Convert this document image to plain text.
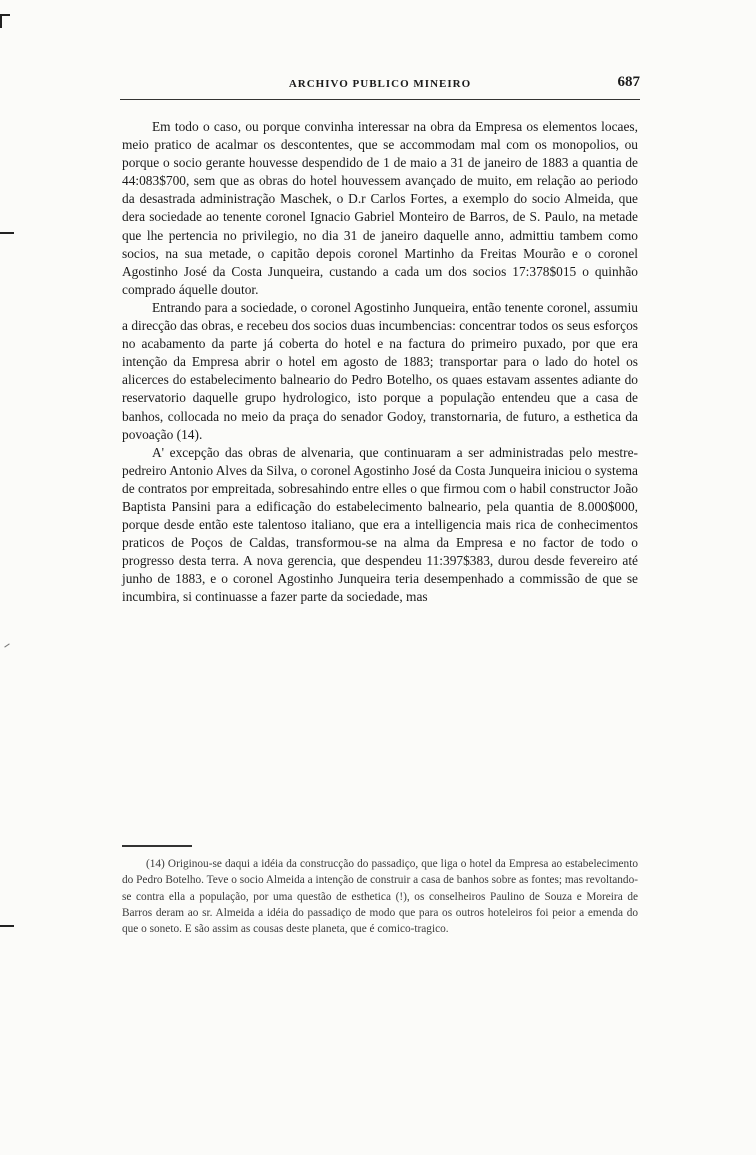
ARCHIVO PUBLICO MINEIRO	687

Em todo o caso, ou porque convinha interessar na obra da Empresa os elementos locaes, meio pratico de acalmar os descontentes, que se accommodam mal com os monopolios, ou porque o socio gerante houvesse despendido de 1 de maio a 31 de janeiro de 1883 a quantia de 44:083$700, sem que as obras do hotel houvessem avançado de muito, em relação ao periodo da desastrada administração Maschek, o D.r Carlos Fortes, a exemplo do socio Almeida, que dera sociedade ao tenente coronel Ignacio Gabriel Monteiro de Barros, de S. Paulo, na metade que lhe pertencia no privilegio, no dia 31 de janeiro daquelle anno, admittiu tambem como socios, na sua metade, o capitão depois coronel Martinho da Freitas Mourão e o coronel Agostinho José da Costa Junqueira, custando a cada um dos socios 17:378$015 o quinhão comprado áquelle doutor.

Entrando para a sociedade, o coronel Agostinho Junqueira, então tenente coronel, assumiu a direcção das obras, e recebeu dos socios duas incumbencias: concentrar todos os seus esforços no acabamento da parte já coberta do hotel e na factura do primeiro puxado, por que era intenção da Empresa abrir o hotel em agosto de 1883; transportar para o lado do hotel os alicerces do estabelecimento balneario do Pedro Botelho, os quaes estavam assentes adiante do reservatorio daquelle grupo hydrologico, isto porque a população entendeu que a casa de banhos, collocada no meio da praça do senador Godoy, transtornaria, de futuro, a esthetica da povoação (14).

A' excepção das obras de alvenaria, que continuaram a ser administradas pelo mestre-pedreiro Antonio Alves da Silva, o coronel Agostinho José da Costa Junqueira iniciou o systema de contratos por empreitada, sobresahindo entre elles o que firmou com o habil constructor João Baptista Pansini para a edificação do estabelecimento balneario, pela quantia de 8.000$000, porque desde então este talentoso italiano, que era a intelligencia mais rica de conhecimentos praticos de Poços de Caldas, transformou-se na alma da Empresa e no factor de todo o progresso desta terra. A nova gerencia, que despendeu 11:397$383, durou desde fevereiro até junho de 1883, e o coronel Agostinho Junqueira teria desempenhado a commissão de que se incumbira, si continuasse a fazer parte da sociedade, mas

(14) Originou-se daqui a idéia da construcção do passadiço, que liga o hotel da Empresa ao estabelecimento do Pedro Botelho. Teve o socio Almeida a intenção de construir a casa de banhos sobre as fontes; mas revoltando-se contra ella a população, por uma questão de esthetica (!), os conselheiros Paulino de Souza e Moreira de Barros deram ao sr. Almeida a idéia do passadiço de modo que para os outros hoteleiros foi peior a emenda do que o soneto. E são assim as cousas deste planeta, que é comico-tragico.
